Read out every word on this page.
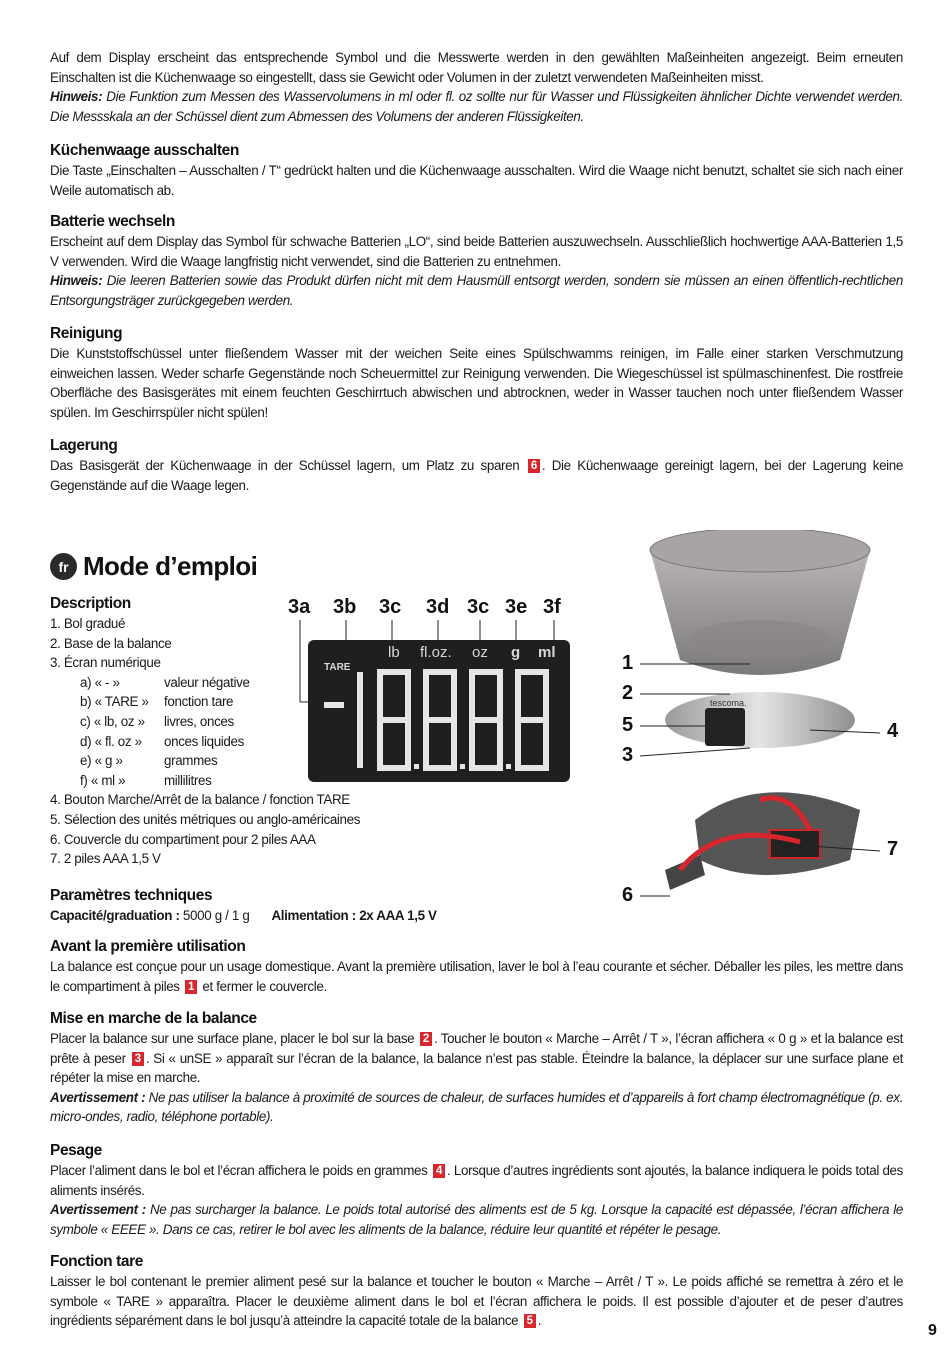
Auf dem Display erscheint das entsprechende Symbol und die Messwerte werden in den gewählten Maßeinheiten angezeigt. Beim erneuten Einschalten ist die Küchenwaage so eingestellt, dass sie Gewicht oder Volumen in der zuletzt verwendeten Maßeinheiten misst.

Hinweis: Die Funktion zum Messen des Wasservolumens in ml oder fl. oz sollte nur für Wasser und Flüssigkeiten ähnlicher Dichte verwendet werden. Die Messskala an der Schüssel dient zum Abmessen des Volumens der anderen Flüssigkeiten.

Küchenwaage ausschalten

Die Taste „Einschalten – Ausschalten / T“ gedrückt halten und die Küchenwaage ausschalten. Wird die Waage nicht benutzt, schaltet sie sich nach einer Weile automatisch ab.

Batterie wechseln

Erscheint auf dem Display das Symbol für schwache Batterien „LO“, sind beide Batterien auszuwechseln. Ausschließlich hochwertige AAA-Batterien 1,5 V verwenden. Wird die Waage langfristig nicht verwendet, sind die Batterien zu entnehmen.

Hinweis: Die leeren Batterien sowie das Produkt dürfen nicht mit dem Hausmüll entsorgt werden, sondern sie müssen an einen öffentlich-rechtlichen Entsorgungsträger zurückgegeben werden.

Reinigung

Die Kunststoffschüssel unter fließendem Wasser mit der weichen Seite eines Spülschwamms reinigen, im Falle einer starken Verschmutzung einweichen lassen. Weder scharfe Gegenstände noch Scheuermittel zur Reinigung verwenden. Die Wiegeschüssel ist spülmaschinenfest. Die rostfreie Oberfläche des Basisgerätes mit einem feuchten Geschirrtuch abwischen und abtrocknen, weder in Wasser tauchen noch unter fließendem Wasser spülen. Im Geschirrspüler nicht spülen!

Lagerung

Das Basisgerät der Küchenwaage in der Schüssel lagern, um Platz zu sparen 6 . Die Küchenwaage gereinigt lagern, bei der Lagerung keine Gegenstände auf die Waage legen.

fr Mode d’emploi
Description
1. Bol gradué
2. Base de la balance
3. Écran numérique
a) « - »	valeur négative
b) « TARE »	fonction tare
c) « lb, oz »	livres, onces
d) « fl. oz »	onces liquides
e) « g »	grammes
f) « ml »	millilitres
4. Bouton Marche/Arrêt de la balance / fonction TARE
5. Sélection des unités métriques ou anglo-américaines
6. Couvercle du compartiment pour 2 piles AAA
7. 2 piles AAA 1,5 V
3a 3b 3c 3d 3c 3e 3f
TARE
lb fl.oz. oz g ml
tescoma.
1
2
5
3
4
7
6
Paramètres techniques

Capacité/graduation : 5000 g / 1 g Alimentation : 2x AAA 1,5 V

Avant la première utilisation

La balance est conçue pour un usage domestique. Avant la première utilisation, laver le bol à l’eau courante et sécher. Déballer les piles, les mettre dans le compartiment à piles 1 et fermer le couvercle.

Mise en marche de la balance

Placer la balance sur une surface plane, placer le bol sur la base 2 . Toucher le bouton « Marche – Arrêt / T », l’écran affichera « 0 g » et la balance est prête à peser 3 . Si « unSE » apparaît sur l’écran de la balance, la balance n’est pas stable. Éteindre la balance, la déplacer sur une surface plane et répéter la mise en marche.

Avertissement : Ne pas utiliser la balance à proximité de sources de chaleur, de surfaces humides et d’appareils à fort champ électromagnétique (p. ex. micro-ondes, radio, téléphone portable).

Pesage

Placer l’aliment dans le bol et l’écran affichera le poids en grammes 4 . Lorsque d’autres ingrédients sont ajoutés, la balance indiquera le poids total des aliments insérés.

Avertissement : Ne pas surcharger la balance. Le poids total autorisé des aliments est de 5 kg. Lorsque la capacité est dépassée, l’écran affichera le symbole « EEEE ». Dans ce cas, retirer le bol avec les aliments de la balance, réduire leur quantité et répéter le pesage.

Fonction tare

Laisser le bol contenant le premier aliment pesé sur la balance et toucher le bouton « Marche – Arrêt / T ». Le poids affiché se remettra à zéro et le symbole « TARE » apparaîtra. Placer le deuxième aliment dans le bol et l’écran affichera le poids. Il est possible d’ajouter et de peser d’autres ingrédients séparément dans le bol jusqu’à atteindre la capacité totale de la balance 5 .

9
